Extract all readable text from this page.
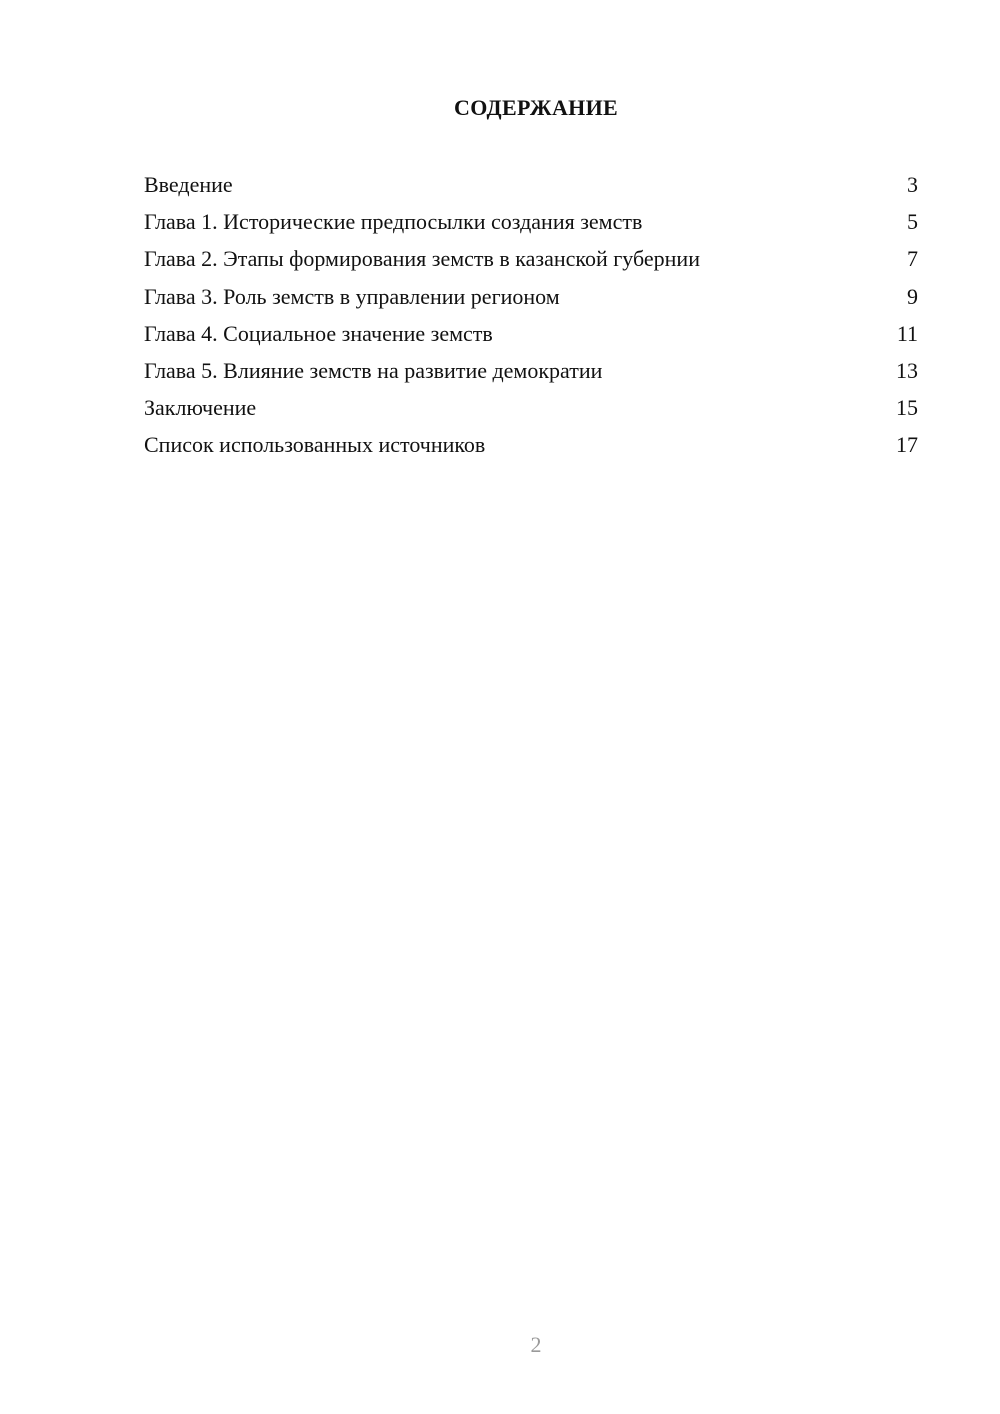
СОДЕРЖАНИЕ
Введение	3
Глава 1. Исторические предпосылки создания земств	5
Глава 2. Этапы формирования земств в казанской губернии	7
Глава 3. Роль земств в управлении регионом	9
Глава 4. Социальное значение земств	11
Глава 5. Влияние земств на развитие демократии	13
Заключение	15
Список использованных источников	17
2
